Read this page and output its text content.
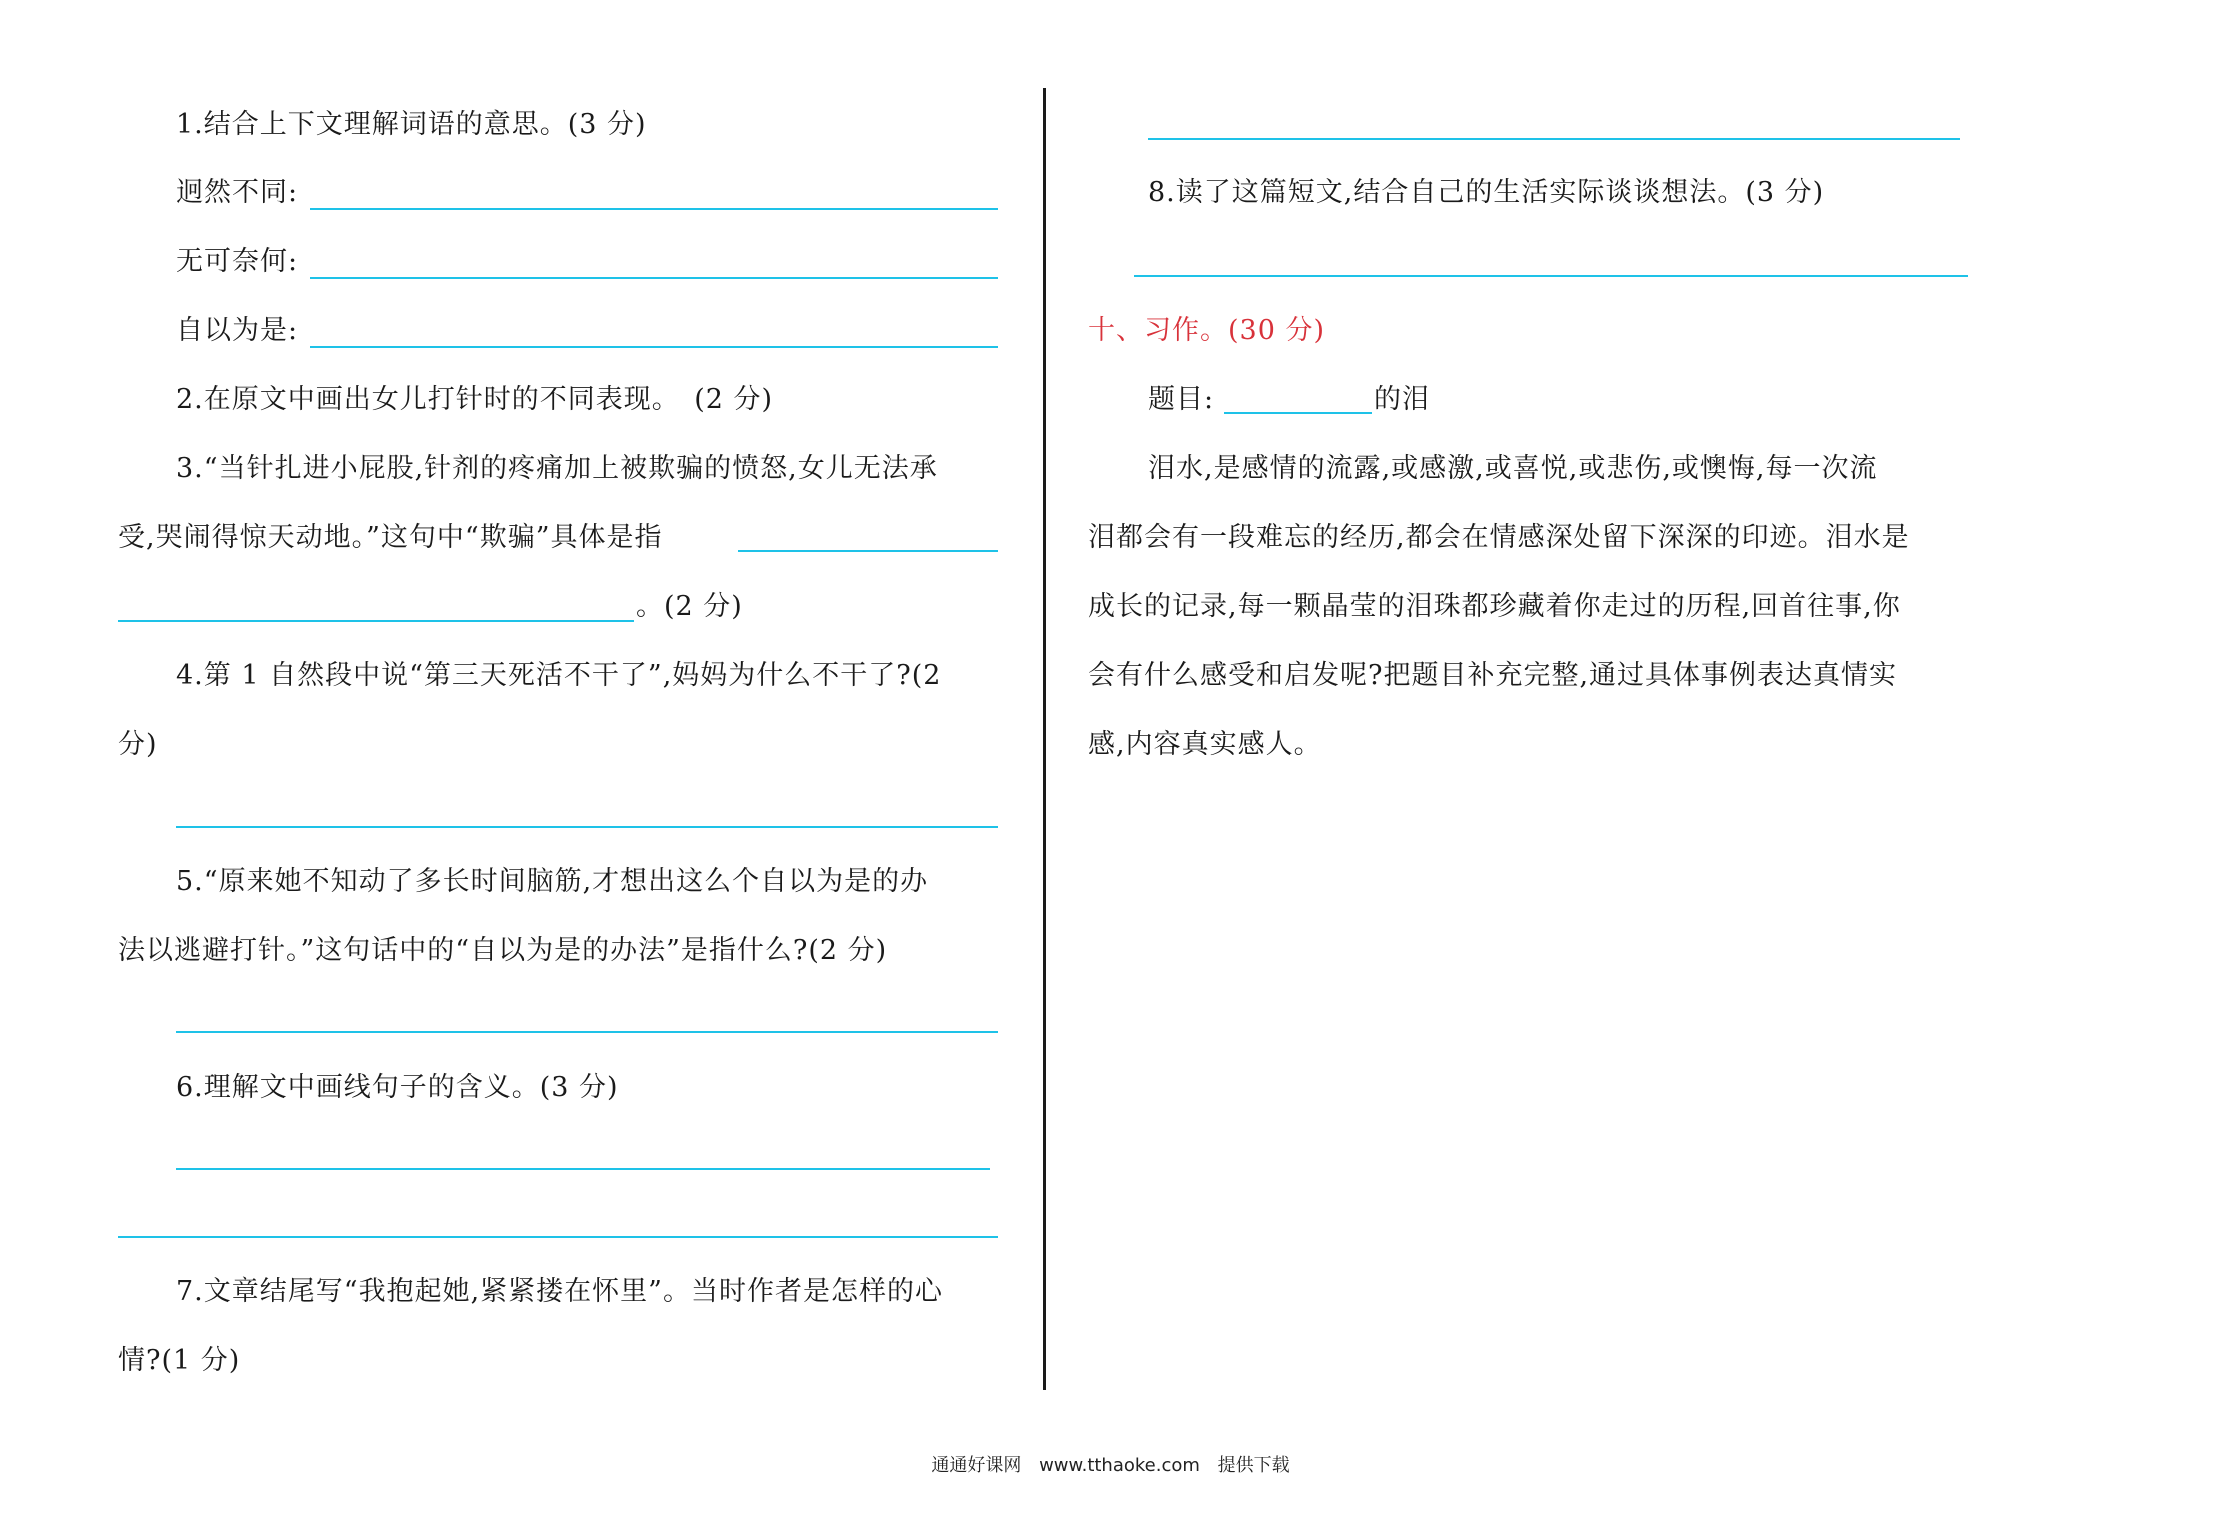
1.结合上下文理解词语的意思。(3 分)
迥然不同:
无可奈何:
自以为是:
2.在原文中画出女儿打针时的不同表现。　(2 分)
3.“当针扎进小屁股,针剂的疼痛加上被欺骗的愤怒,女儿无法承
受,哭闹得惊天动地。”这句中“欺骗”具体是指
。(2 分)
4.第 1 自然段中说“第三天死活不干了”,妈妈为什么不干了?(2
分)
5.“原来她不知动了多长时间脑筋,才想出这么个自以为是的办
法以逃避打针。”这句话中的“自以为是的办法”是指什么?(2 分)
6.理解文中画线句子的含义。(3 分)
7.文章结尾写“我抱起她,紧紧搂在怀里”。当时作者是怎样的心
情?(1 分)
8.读了这篇短文,结合自己的生活实际谈谈想法。(3 分)
十、习作。(30 分)
题目:	的泪
泪水,是感情的流露,或感激,或喜悦,或悲伤,或懊悔,每一次流
泪都会有一段难忘的经历,都会在情感深处留下深深的印迹。泪水是
成长的记录,每一颗晶莹的泪珠都珍藏着你走过的历程,回首往事,你
会有什么感受和启发呢?把题目补充完整,通过具体事例表达真情实
感,内容真实感人。
通通好课网 www.tthaoke.com 提供下载
